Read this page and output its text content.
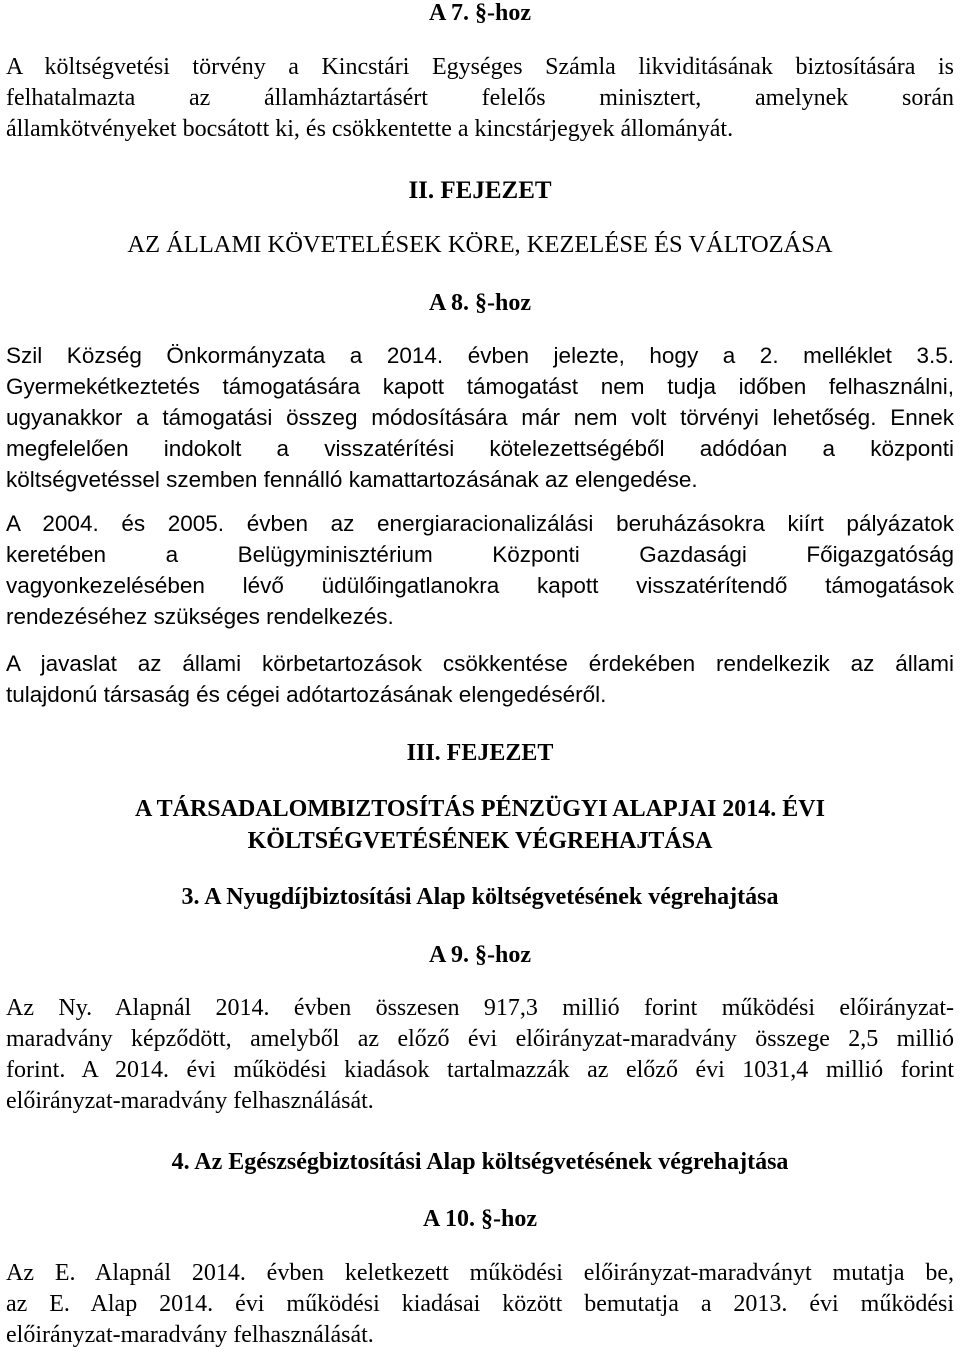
A 7. §-hoz

A költségvetési törvény a Kincstári Egységes Számla likviditásának biztosítására is
felhatalmazta az államháztartásért felelős minisztert, amelynek során
államkötvényeket bocsátott ki, és csökkentette a kincstárjegyek állományát.

II. FEJEZET

AZ ÁLLAMI KÖVETELÉSEK KÖRE, KEZELÉSE ÉS VÁLTOZÁSA

A 8. §-hoz

Szil Község Önkormányzata a 2014. évben jelezte, hogy a 2. melléklet 3.5.
Gyermekétkeztetés támogatására kapott támogatást nem tudja időben felhasználni,
ugyanakkor a támogatási összeg módosítására már nem volt törvényi lehetőség. Ennek
megfelelően indokolt a visszatérítési kötelezettségéből adódóan a központi
költségvetéssel szemben fennálló kamattartozásának az elengedése.
A 2004. és 2005. évben az energiaracionalizálási beruházásokra kiírt pályázatok
keretében a Belügyminisztérium Központi Gazdasági Főigazgatóság
vagyonkezelésében lévő üdülőingatlanokra kapott visszatérítendő támogatások
rendezéséhez szükséges rendelkezés.
A javaslat az állami körbetartozások csökkentése érdekében rendelkezik az állami
tulajdonú társaság és cégei adótartozásának elengedéséről.

III. FEJEZET

A TÁRSADALOMBIZTOSÍTÁS PÉNZÜGYI ALAPJAI 2014. ÉVI
KÖLTSÉGVETÉSÉNEK VÉGREHAJTÁSA

3. A Nyugdíjbiztosítási Alap költségvetésének végrehajtása

A 9. §-hoz

Az Ny. Alapnál 2014. évben összesen 917,3 millió forint működési előirányzat-
maradvány képződött, amelyből az előző évi előirányzat-maradvány összege 2,5 millió
forint. A 2014. évi működési kiadások tartalmazzák az előző évi 1031,4 millió forint
előirányzat-maradvány felhasználását.

4. Az Egészségbiztosítási Alap költségvetésének végrehajtása

A 10. §-hoz

Az E. Alapnál 2014. évben keletkezett működési előirányzat-maradványt mutatja be,
az E. Alap 2014. évi működési kiadásai között bemutatja a 2013. évi működési
előirányzat-maradvány felhasználását.
